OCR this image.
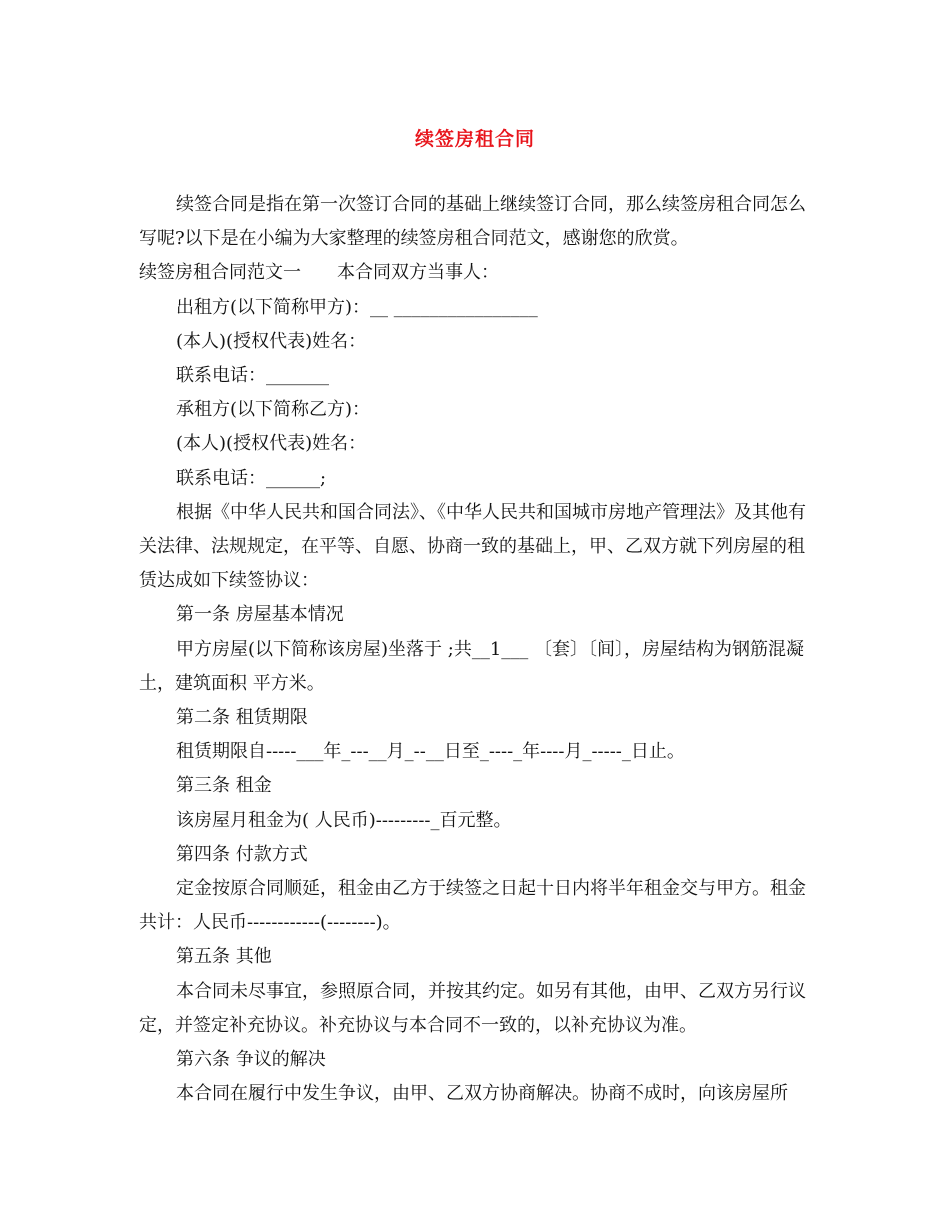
续签房租合同

续签合同是指在第一次签订合同的基础上继续签订合同，那么续签房租合同怎么写呢?以下是在小编为大家整理的续签房租合同范文，感谢您的欣赏。

续签房租合同范文一　　本合同双方当事人：

出租方(以下简称甲方)：__ ________________

(本人)(授权代表)姓名：

联系电话：_______

承租方(以下简称乙方)：

(本人)(授权代表)姓名：

联系电话：______;

根据《中华人民共和国合同法》、《中华人民共和国城市房地产管理法》及其他有关法律、法规规定，在平等、自愿、协商一致的基础上，甲、乙双方就下列房屋的租赁达成如下续签协议：

第一条 房屋基本情况

甲方房屋(以下简称该房屋)坐落于 ;共__1___ 〔套〕〔间〕，房屋结构为钢筋混凝土，建筑面积 平方米。

第二条 租赁期限

租赁期限自-----___年_---__月_--__日至_----_年----月_-----_日止。

第三条 租金

该房屋月租金为( 人民币)---------_百元整。

第四条 付款方式

定金按原合同顺延，租金由乙方于续签之日起十日内将半年租金交与甲方。租金共计：人民币------------(--------)。

第五条 其他

本合同未尽事宜，参照原合同，并按其约定。如另有其他，由甲、乙双方另行议定，并签定补充协议。补充协议与本合同不一致的，以补充协议为准。

第六条 争议的解决

本合同在履行中发生争议，由甲、乙双方协商解决。协商不成时，向该房屋所
